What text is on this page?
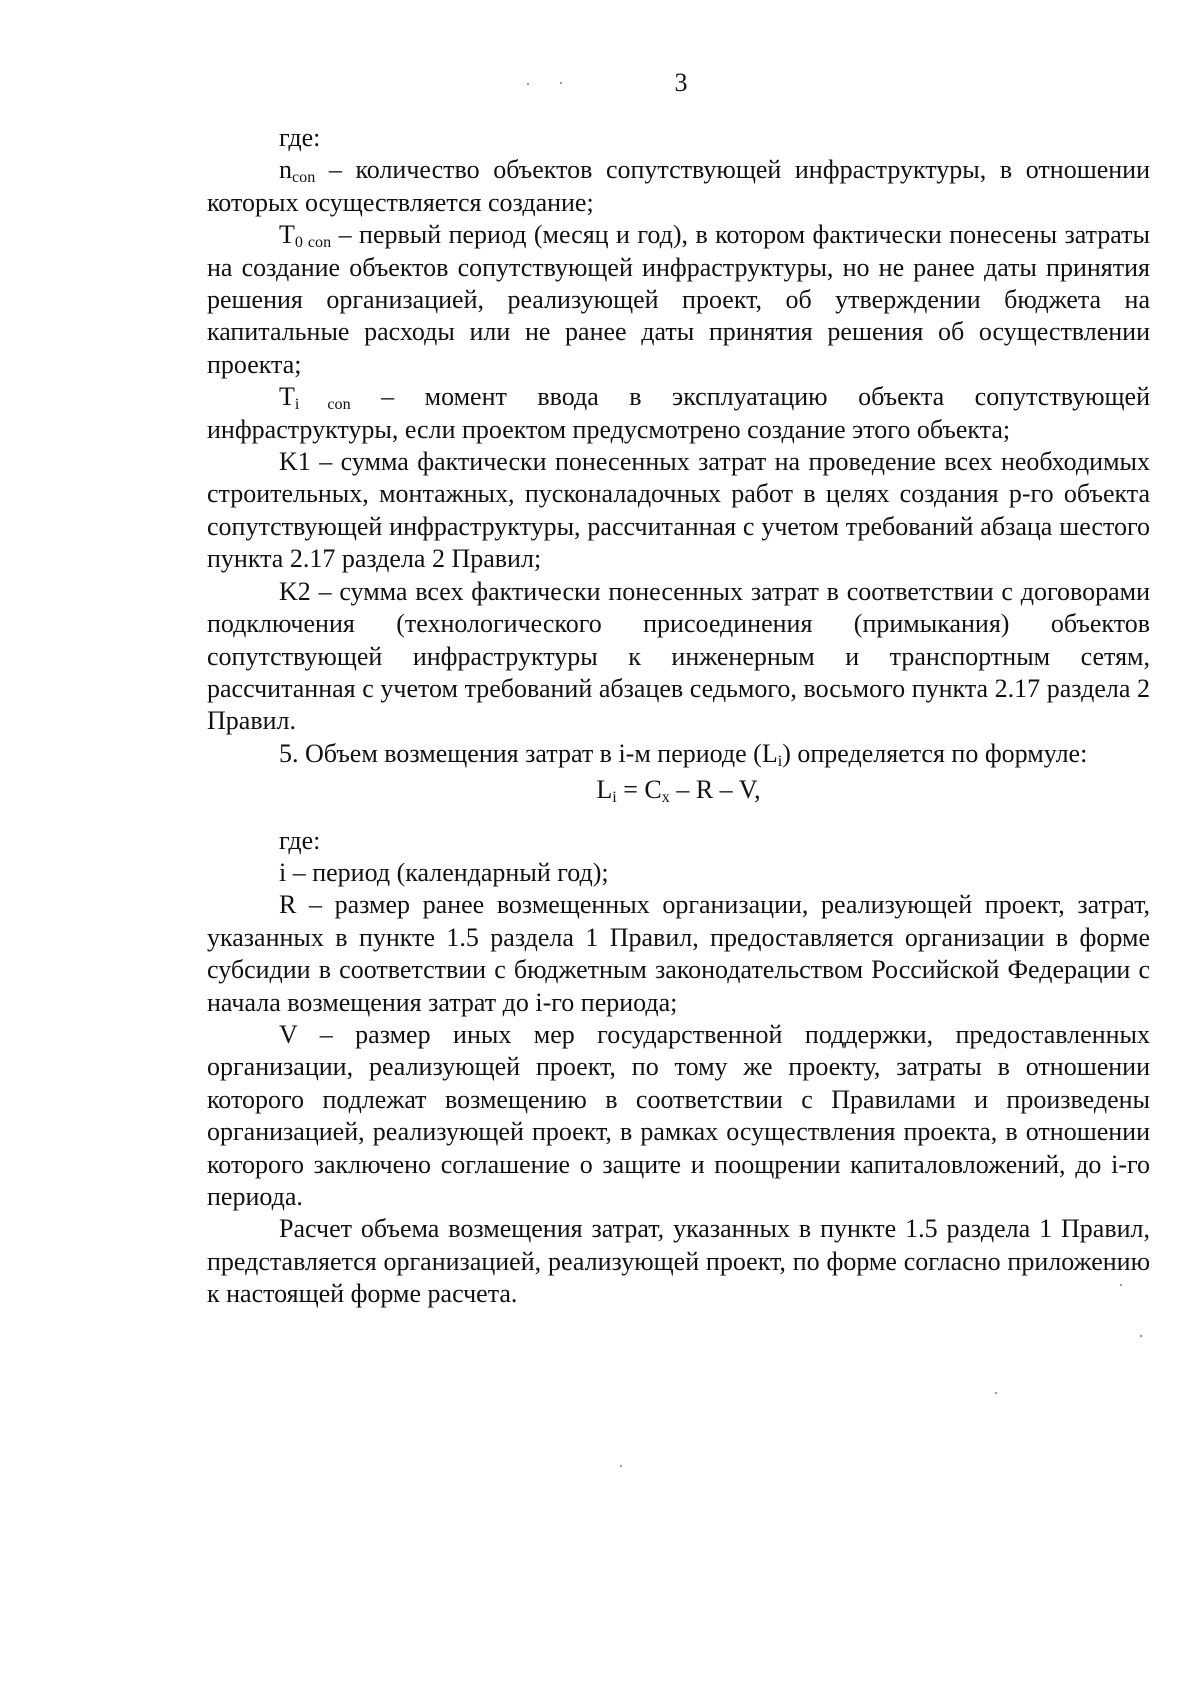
3

где:

$n_{con}$ – количество объектов сопутствующей инфраструктуры, в отношении которых осуществляется создание;

$T_{0 con}$ – первый период (месяц и год), в котором фактически понесены затраты на создание объектов сопутствующей инфраструктуры, но не ранее даты принятия решения организацией, реализующей проект, об утверждении бюджета на капитальные расходы или не ранее даты принятия решения об осуществлении проекта;

$T_{i con}$ – момент ввода в эксплуатацию объекта сопутствующей инфраструктуры, если проектом предусмотрено создание этого объекта;

K1 – сумма фактически понесенных затрат на проведение всех необходимых строительных, монтажных, пусконаладочных работ в целях создания р-го объекта сопутствующей инфраструктуры, рассчитанная с учетом требований абзаца шестого пункта 2.17 раздела 2 Правил;

K2 – сумма всех фактически понесенных затрат в соответствии с договорами подключения (технологического присоединения (примыкания) объектов сопутствующей инфраструктуры к инженерным и транспортным сетям, рассчитанная с учетом требований абзацев седьмого, восьмого пункта 2.17 раздела 2 Правил.

5. Объем возмещения затрат в i-м периоде $(L_i)$ определяется по формуле:

$L_i = C_x - R - V$,

где:

i – период (календарный год);

R – размер ранее возмещенных организации, реализующей проект, затрат, указанных в пункте 1.5 раздела 1 Правил, предоставляется организации в форме субсидии в соответствии с бюджетным законодательством Российской Федерации с начала возмещения затрат до i-го периода;

V – размер иных мер государственной поддержки, предоставленных организации, реализующей проект, по тому же проекту, затраты в отношении которого подлежат возмещению в соответствии с Правилами и произведены организацией, реализующей проект, в рамках осуществления проекта, в отношении которого заключено соглашение о защите и поощрении капиталовложений, до i-го периода.

Расчет объема возмещения затрат, указанных в пункте 1.5 раздела 1 Правил, представляется организацией, реализующей проект, по форме согласно приложению к настоящей форме расчета.
